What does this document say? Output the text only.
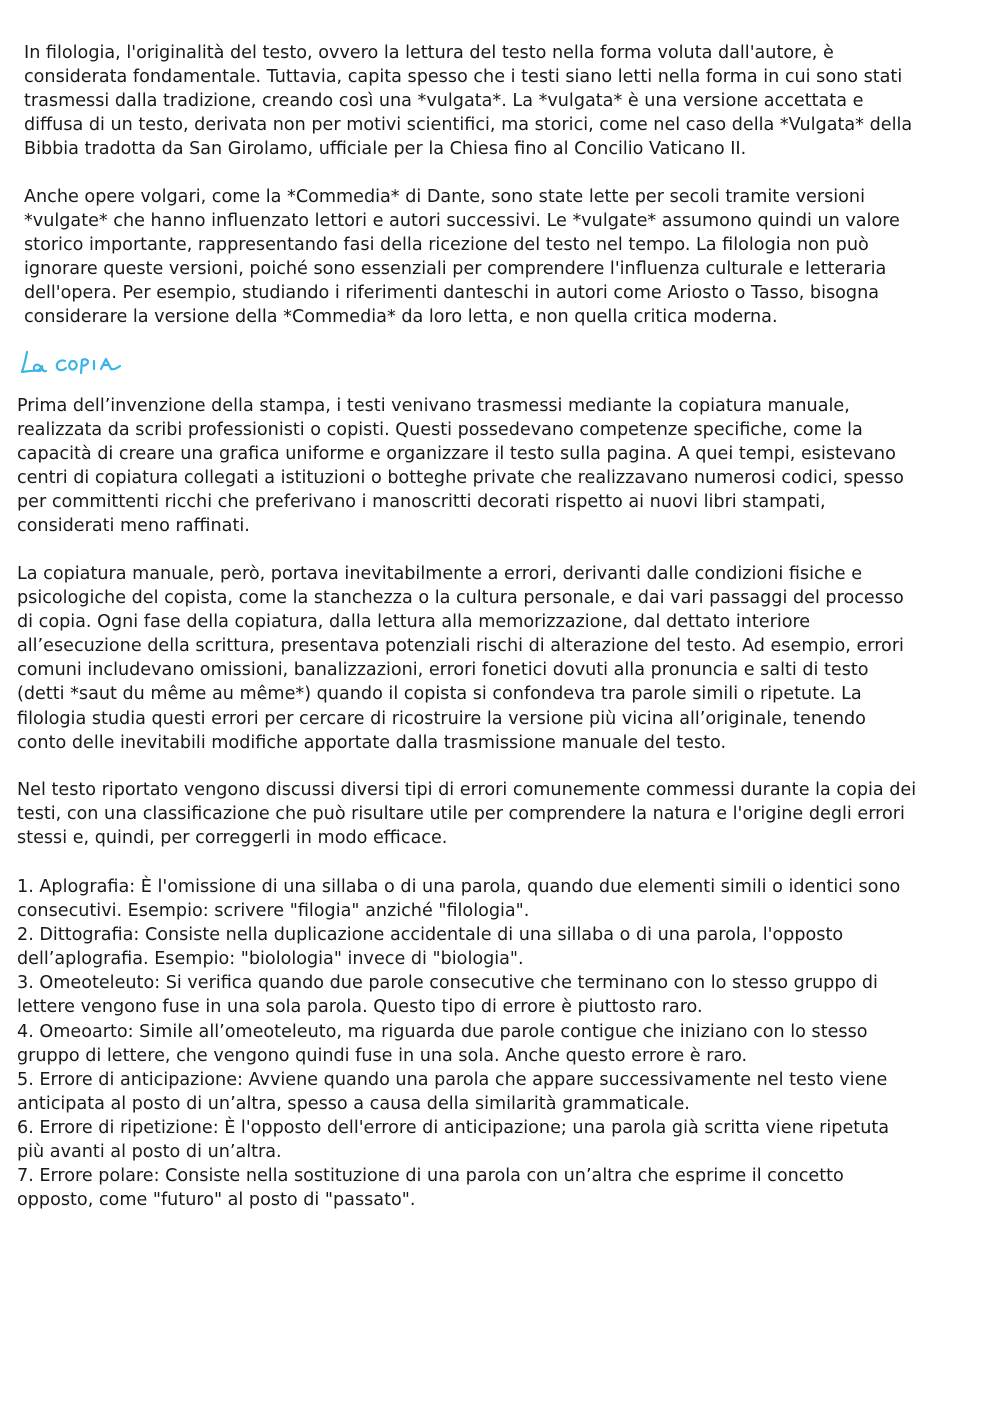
In filologia, l'originalità del testo, ovvero la lettura del testo nella forma voluta dall'autore, è
considerata fondamentale. Tuttavia, capita spesso che i testi siano letti nella forma in cui sono stati
trasmessi dalla tradizione, creando così una *vulgata*. La *vulgata* è una versione accettata e
diffusa di un testo, derivata non per motivi scientifici, ma storici, come nel caso della *Vulgata* della
Bibbia tradotta da San Girolamo, ufficiale per la Chiesa fino al Concilio Vaticano II.

Anche opere volgari, come la *Commedia* di Dante, sono state lette per secoli tramite versioni
*vulgate* che hanno influenzato lettori e autori successivi. Le *vulgate* assumono quindi un valore
storico importante, rappresentando fasi della ricezione del testo nel tempo. La filologia non può
ignorare queste versioni, poiché sono essenziali per comprendere l'influenza culturale e letteraria
dell'opera. Per esempio, studiando i riferimenti danteschi in autori come Ariosto o Tasso, bisogna
considerare la versione della *Commedia* da loro letta, e non quella critica moderna.

Prima dell’invenzione della stampa, i testi venivano trasmessi mediante la copiatura manuale,
realizzata da scribi professionisti o copisti. Questi possedevano competenze specifiche, come la
capacità di creare una grafica uniforme e organizzare il testo sulla pagina. A quei tempi, esistevano
centri di copiatura collegati a istituzioni o botteghe private che realizzavano numerosi codici, spesso
per committenti ricchi che preferivano i manoscritti decorati rispetto ai nuovi libri stampati,
considerati meno raffinati.

La copiatura manuale, però, portava inevitabilmente a errori, derivanti dalle condizioni fisiche e
psicologiche del copista, come la stanchezza o la cultura personale, e dai vari passaggi del processo
di copia. Ogni fase della copiatura, dalla lettura alla memorizzazione, dal dettato interiore
all’esecuzione della scrittura, presentava potenziali rischi di alterazione del testo. Ad esempio, errori
comuni includevano omissioni, banalizzazioni, errori fonetici dovuti alla pronuncia e salti di testo
(detti *saut du même au même*) quando il copista si confondeva tra parole simili o ripetute. La
filologia studia questi errori per cercare di ricostruire la versione più vicina all’originale, tenendo
conto delle inevitabili modifiche apportate dalla trasmissione manuale del testo.

Nel testo riportato vengono discussi diversi tipi di errori comunemente commessi durante la copia dei
testi, con una classificazione che può risultare utile per comprendere la natura e l'origine degli errori
stessi e, quindi, per correggerli in modo efficace.

1. Aplografia: È l'omissione di una sillaba o di una parola, quando due elementi simili o identici sono
consecutivi. Esempio: scrivere "filogia" anziché "filologia".
2. Dittografia: Consiste nella duplicazione accidentale di una sillaba o di una parola, l'opposto
dell’aplografia. Esempio: "biolologia" invece di "biologia".
3. Omeoteleuto: Si verifica quando due parole consecutive che terminano con lo stesso gruppo di
lettere vengono fuse in una sola parola. Questo tipo di errore è piuttosto raro.
4. Omeoarto: Simile all’omeoteleuto, ma riguarda due parole contigue che iniziano con lo stesso
gruppo di lettere, che vengono quindi fuse in una sola. Anche questo errore è raro.
5. Errore di anticipazione: Avviene quando una parola che appare successivamente nel testo viene
anticipata al posto di un’altra, spesso a causa della similarità grammaticale.
6. Errore di ripetizione: È l'opposto dell'errore di anticipazione; una parola già scritta viene ripetuta
più avanti al posto di un’altra.
7. Errore polare: Consiste nella sostituzione di una parola con un’altra che esprime il concetto
opposto, come "futuro" al posto di "passato".
